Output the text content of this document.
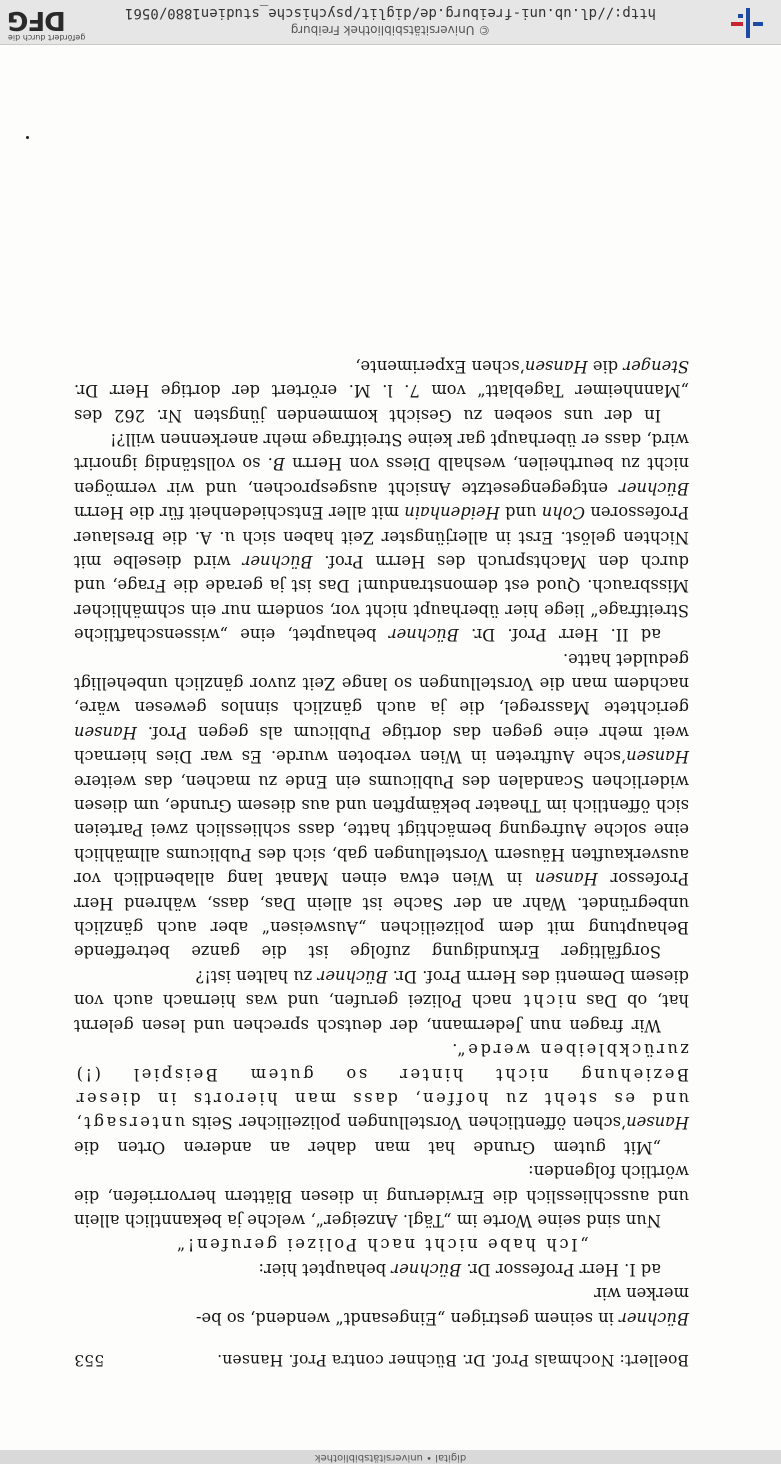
digital • universitätsbibliothek
Boellert: Nochmals Prof. Dr. Büchner contra Prof. Hansen.
553

Büchner in seinem gestrigen „Eingesandt“ wendend, so be-

merken wir

ad I. Herr Professor Dr. Büchner behauptet hier:

„Ich habe nicht nach Polizei gerufen!“

Nun sind seine Worte im „Tägl. Anzeiger“, welche ja bekanntlich allein und ausschliesslich die Erwiderung in diesen Blättern hervorriefen, die wörtlich folgenden:

„Mit gutem Grunde hat man daher an anderen Orten die Hansen’schen öffentlichen Vorstellungen polizeilicher Seits untersagt, und es steht zu hoffen, dass man hierorts in dieser Beziehung nicht hinter so gutem Beispiel (!) zurückbleiben werde“.

Wir fragen nun Jedermann, der deutsch sprechen und lesen gelernt hat, ob Das nicht nach Polizei gerufen, und was hiernach auch von diesem Dementi des Herrn Prof. Dr. Büchner zu halten ist!?

Sorgfältiger Erkundigung zufolge ist die ganze betreffende Behauptung mit dem polizeilichen „Ausweisen“ aber auch gänzlich unbegründet. Wahr an der Sache ist allein Das, dass, während Herr Professor Hansen in Wien etwa einen Manat lang allabendlich vor ausverkauften Häusern Vorstellungen gab, sich des Publicums allmählich eine solche Aufregung bemächtigt hatte, dass schliesslich zwei Parteien sich öffentlich im Theater bekämpften und aus diesem Grunde, um diesen widerlichen Scandalen des Publicums ein Ende zu machen, das weitere Hansen’sche Auftreten in Wien verboten wurde. Es war Dies hiernach weit mehr eine gegen das dortige Publicum als gegen Prof. Hansen gerichtete Massregel, die ja auch gänzlich sinnlos gewesen wäre, nachdem man die Vorstellungen so lange Zeit zuvor gänzlich unbehelligt geduldet hatte.

ad II. Herr Prof. Dr. Büchner behauptet, eine „wissenschaftliche Streitfrage“ liege hier überhaupt nicht vor, sondern nur ein schmählicher Missbrauch. Quod est demonstrandum! Das ist ja gerade die Frage, und durch den Machtspruch des Herrn Prof. Büchner wird dieselbe mit Nichten gelöst. Erst in allerjüngster Zeit haben sich u. A. die Breslauer Professoren Cohn und Heidenhain mit aller Entschiedenheit für die Herrn Büchner entgegengesetzte Ansicht ausgesprochen, und wir vermögen nicht zu beurtheilen, weshalb Diess von Herrn B. so vollständig ignorirt wird, dass er überhaupt gar keine Streitfrage mehr anerkennen will?!

In der uns soeben zu Gesicht kommenden jüngsten Nr. 262 des „Mannheimer Tageblatt“ vom 7. l. M. erörtert der dortige Herr Dr. Stenger die Hansen’schen Experimente,

© Universitätsbibliothek Freiburg
http://dl.ub.uni-freiburg.de/diglit/psychische_studien1880/0561
gefördert durch die
DFG
